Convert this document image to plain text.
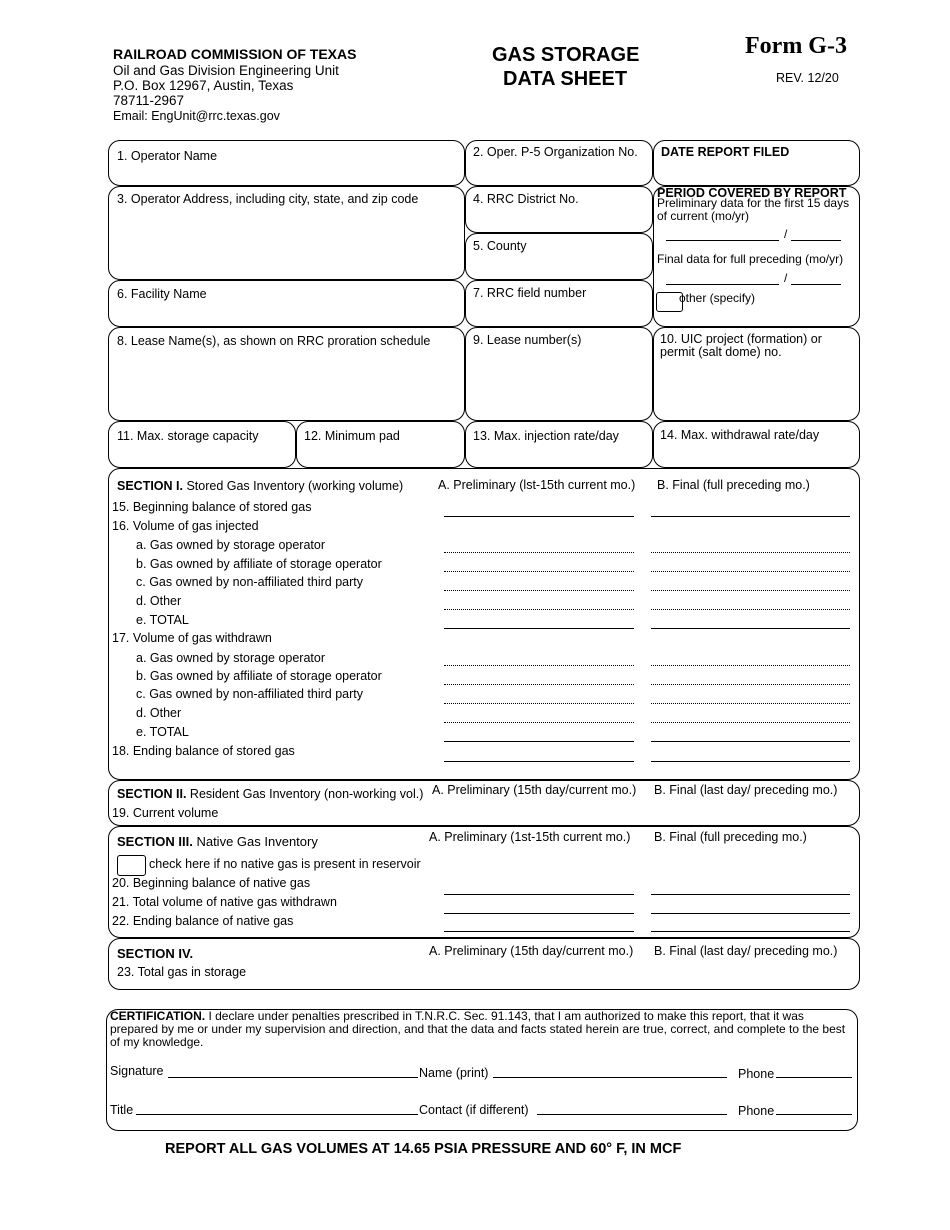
RAILROAD COMMISSION OF TEXAS
Oil and Gas Division Engineering Unit
P.O. Box 12967, Austin, Texas
78711-2967
Email: EngUnit@rrc.texas.gov
GAS STORAGE
DATA SHEET
Form G-3
REV. 12/20
1. Operator Name	2. Oper. P-5 Organization No. DATE REPORT FILED
3. Operator Address, including city, state, and zip code	4. RRC District No.	PERIOD COVERED BY REPORT
Preliminary data for the first 15 days of current (mo/yr)
/
Final data for full preceding (mo/yr)
/
other (specify)
5. County
6. Facility Name	7. RRC field number
8. Lease Name(s), as shown on RRC proration schedule	9. Lease number(s)	10. UIC project (formation) or permit (salt dome) no.
11. Max. storage capacity	12. Minimum pad	13. Max. injection rate/day	14. Max. withdrawal rate/day
SECTION I. Stored Gas Inventory (working volume)	A. Preliminary (lst-15th current mo.) B. Final (full preceding mo.)
15. Beginning balance of stored gas
16. Volume of gas injected
a. Gas owned by storage operator
b. Gas owned by affiliate of storage operator
c. Gas owned by non-affiliated third party
d. Other
e. TOTAL
17. Volume of gas withdrawn
a. Gas owned by storage operator
b. Gas owned by affiliate of storage operator
c. Gas owned by non-affiliated third party
d. Other
e. TOTAL
18. Ending balance of stored gas
SECTION II. Resident Gas Inventory (non-working vol.) A. Preliminary (15th day/current mo.) B. Final (last day/ preceding mo.)
19. Current volume
SECTION III. Native Gas Inventory	A. Preliminary (1st-15th current mo.) B. Final (full preceding mo.)
check here if no native gas is present in reservoir
20. Beginning balance of native gas
21. Total volume of native gas withdrawn
22. Ending balance of native gas
SECTION IV.	A. Preliminary (15th day/current mo.) B. Final (last day/ preceding mo.)
23. Total gas in storage
CERTIFICATION. I declare under penalties prescribed in T.N.R.C. Sec. 91.143, that I am authorized to make this report, that it was prepared by me or under my supervision and direction, and that the data and facts stated herein are true, correct, and complete to the best of my knowledge.
Signature	Name (print)	Phone
Title	Contact (if different)	Phone
REPORT ALL GAS VOLUMES AT 14.65 PSIA PRESSURE AND 60° F, IN MCF
